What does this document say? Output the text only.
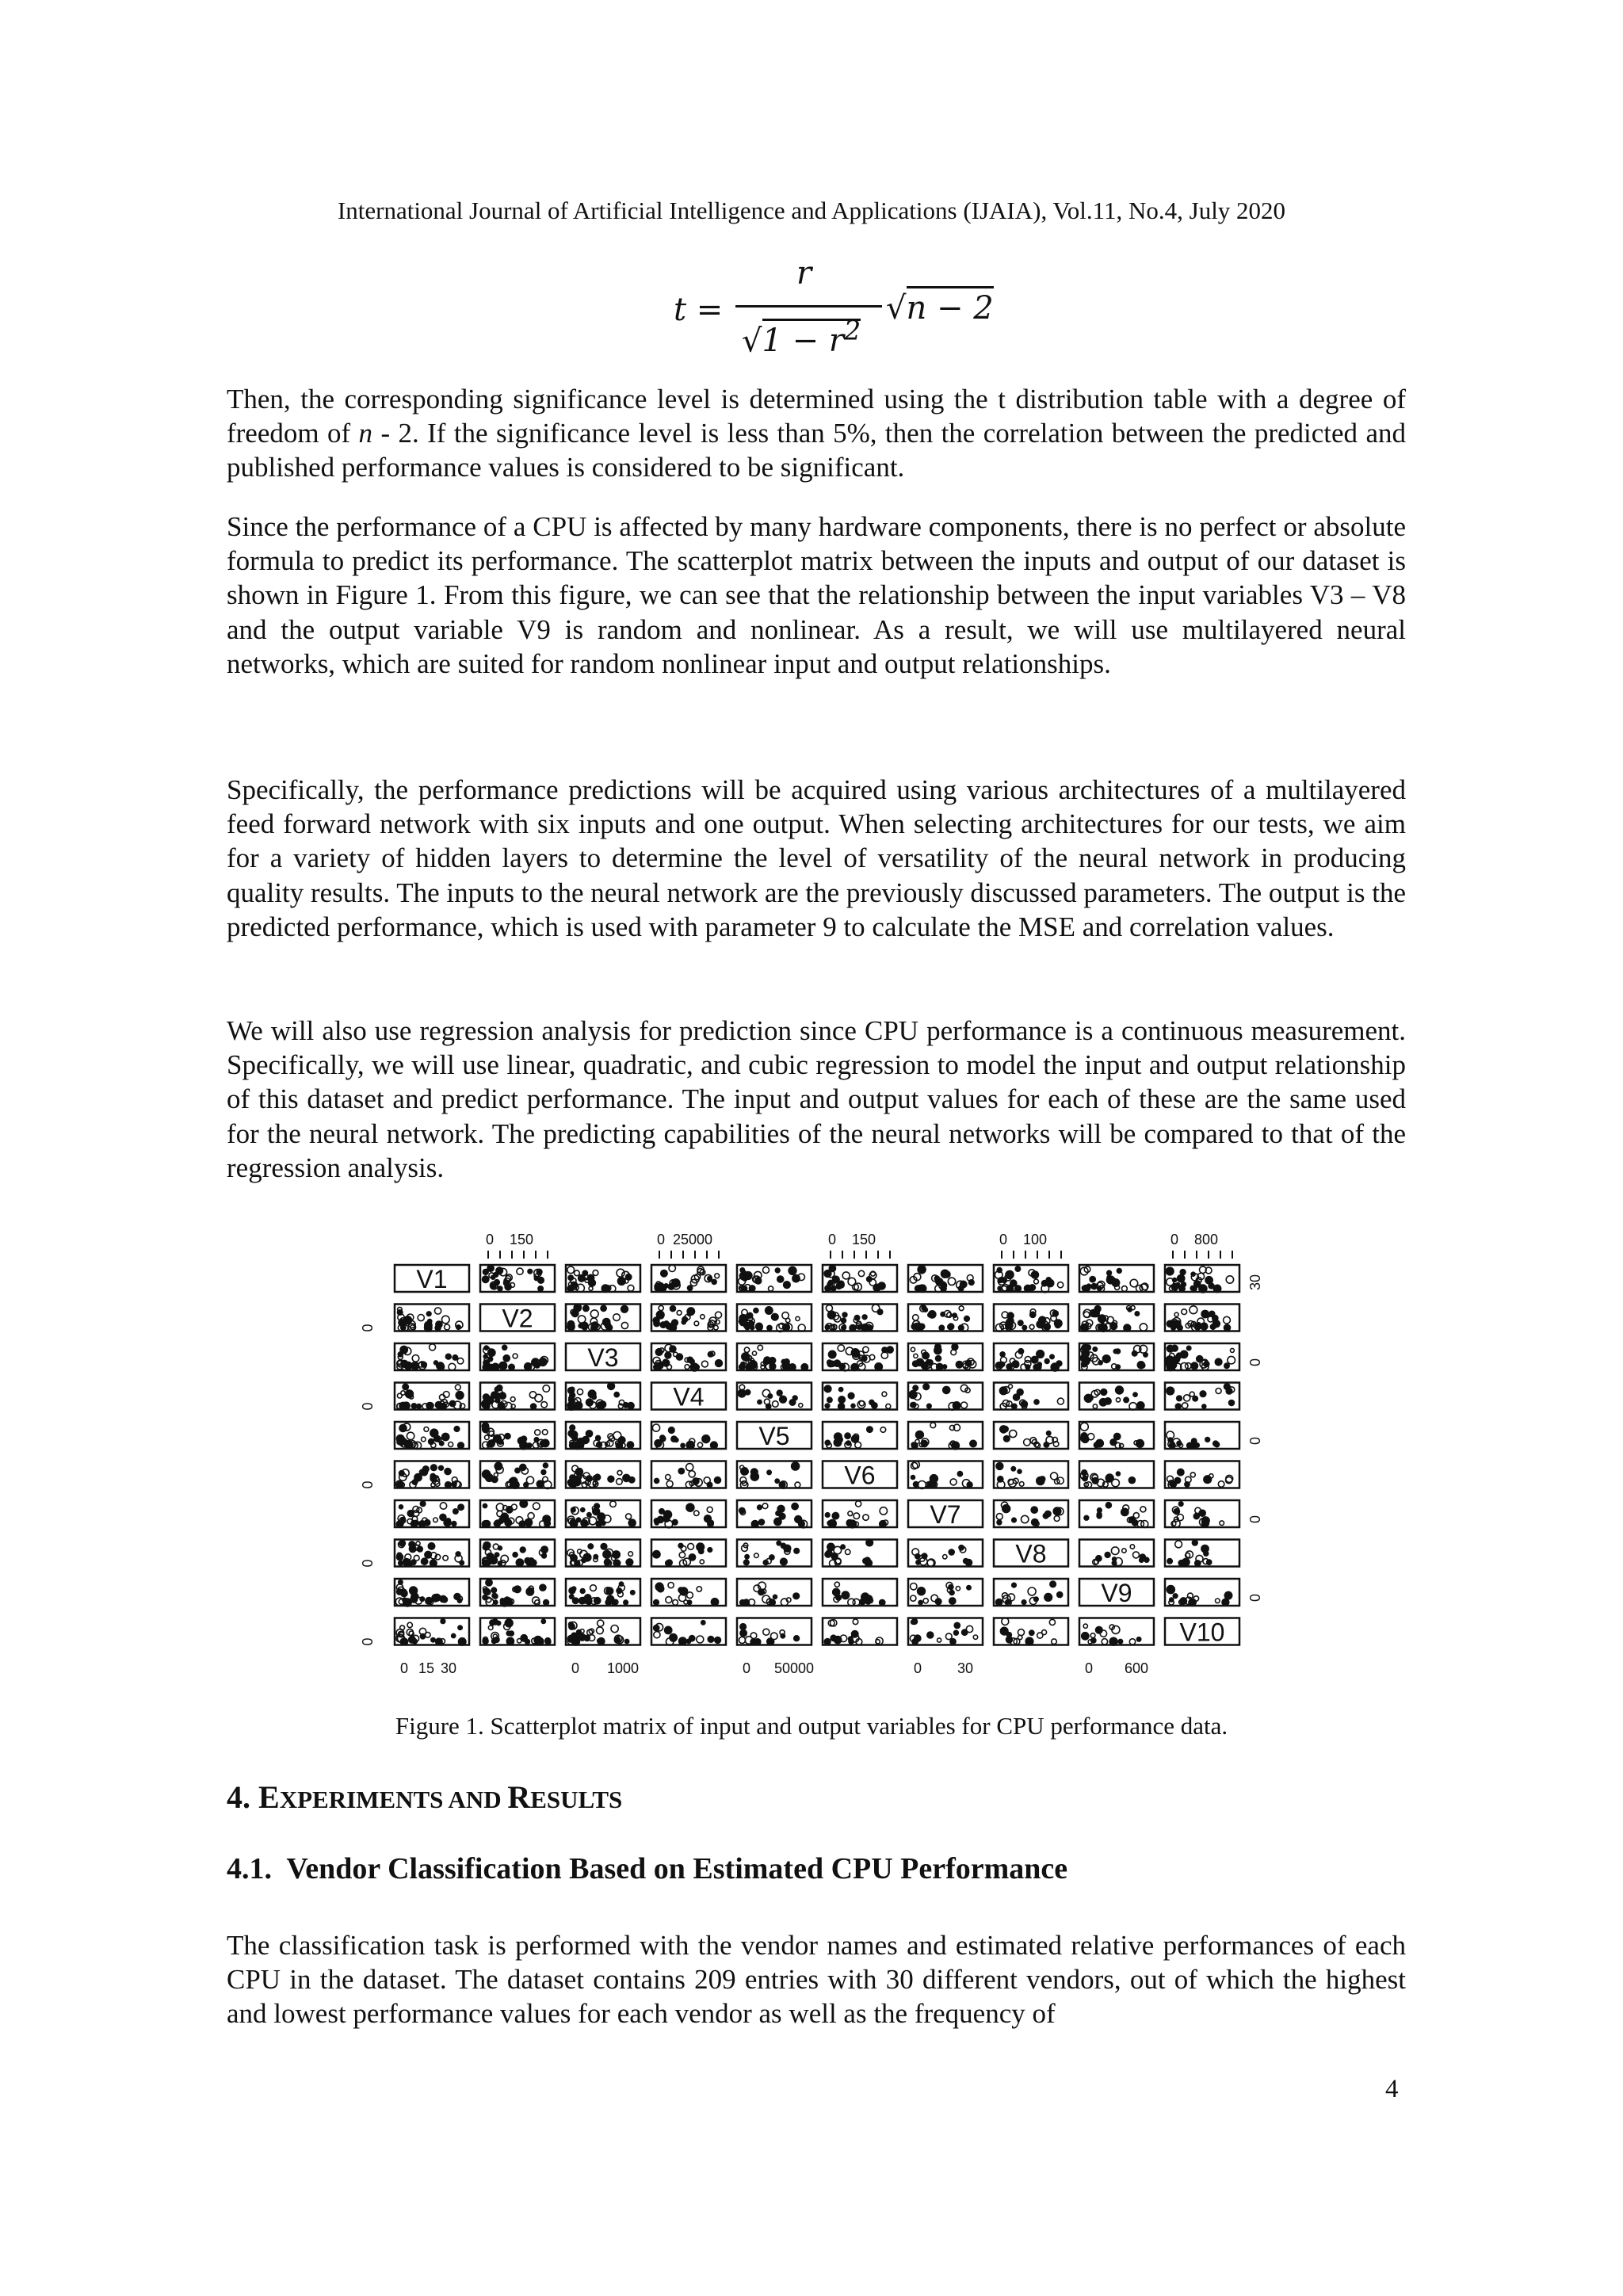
International Journal of Artificial Intelligence and Applications (IJAIA), Vol.11, No.4, July 2020
t =
r
$√1 - r^2$
√n − 2
Then, the corresponding significance level is determined using the t distribution table with a degree of freedom of n - 2. If the significance level is less than 5%, then the correlation between the predicted and published performance values is considered to be significant.
Since the performance of a CPU is affected by many hardware components, there is no perfect or absolute formula to predict its performance. The scatterplot matrix between the inputs and output of our dataset is shown in Figure 1. From this figure, we can see that the relationship between the input variables V3 – V8 and the output variable V9 is random and nonlinear. As a result, we will use multilayered neural networks, which are suited for random nonlinear input and output relationships.
Specifically, the performance predictions will be acquired using various architectures of a multilayered feed forward network with six inputs and one output. When selecting architectures for our tests, we aim for a variety of hidden layers to determine the level of versatility of the neural network in producing quality results. The inputs to the neural network are the previously discussed parameters. The output is the predicted performance, which is used with parameter 9 to calculate the MSE and correlation values.
We will also use regression analysis for prediction since CPU performance is a continuous measurement. Specifically, we will use linear, quadratic, and cubic regression to model the input and output relationship of this dataset and predict performance. The input and output values for each of these are the same used for the neural network. The predicting capabilities of the neural networks will be compared to that of the regression analysis.
V1
V2
V3
V4
V5
V6
V7
V8
V9
V10
0 150	0 25000	0 150	0 100	0 800
0 15 30	0 1000	0 50000	0 30	0 600
0
0
0
0
0
0
0
0
0
30
Figure 1. Scatterplot matrix of input and output variables for CPU performance data.
4. EXPERIMENTS AND RESULTS
4.1. Vendor Classification Based on Estimated CPU Performance
The classification task is performed with the vendor names and estimated relative performances of each CPU in the dataset. The dataset contains 209 entries with 30 different vendors, out of which the highest and lowest performance values for each vendor as well as the frequency of
4
